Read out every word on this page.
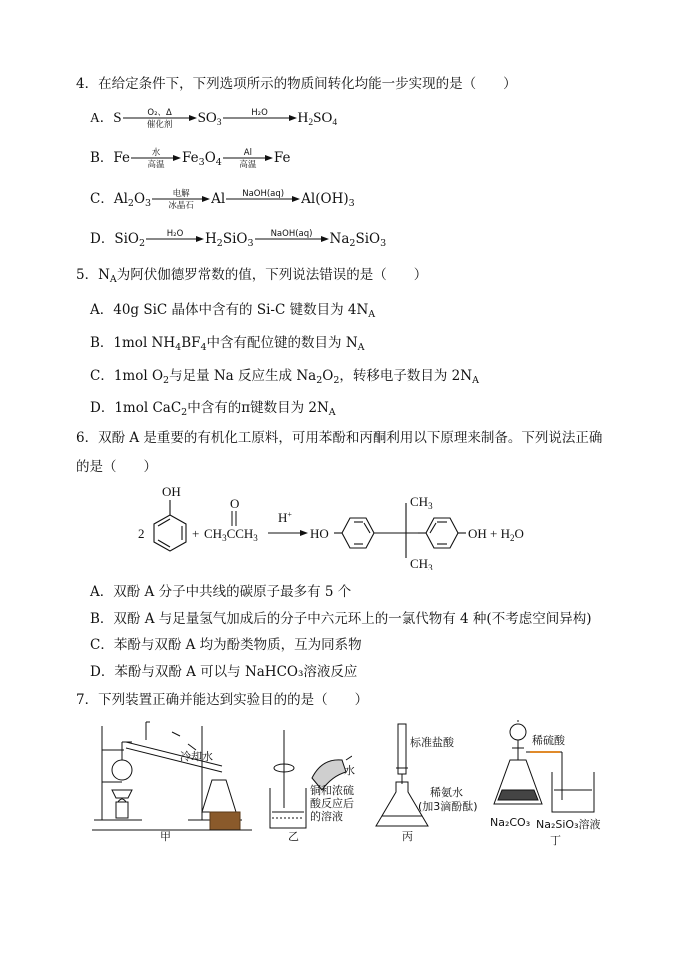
4．在给定条件下，下列选项所示的物质间转化均能一步实现的是（　　）
A．S	O₂、Δ
催化剂	$SO_3$
H₂O	$H_2SO_4$
B．Fe	水
高温	$Fe_3O_4$
Al
高温	Fe
C．$Al_2O_3$
电解
冰晶石	Al	NaOH(aq)	$Al(OH)_3$
D．SiO$_2$
H₂O	$H_2SiO_3$
NaOH(aq)	$Na_2SiO_3$
5．$N_A$为阿伏伽德罗常数的值，下列说法错误的是（　　）
A．40g SiC 晶体中含有的 Si-C 键数目为 $4N_A$
B．1mol $NH_4BF_4$中含有配位键的数目为 $N_A$
C．1mol $O_2$与足量 Na 反应生成 $Na_2O_2$，转移电子数目为 $2N_A$
D．1mol CaC$_2$中含有的π键数目为 $2N_A$
6．双酚 A 是重要的有机化工原料，可用苯酚和丙酮利用以下原理来制备。下列说法正确
的是（　　）
2
OH
+ $CH_3CCH_3$
O
H+
HO
$CH_3$
$CH_3$
OH + $H_2O$
A．双酚 A 分子中共线的碳原子最多有 5 个
B．双酚 A 与足量氢气加成后的分子中六元环上的一氯代物有 4 种(不考虑空间异构)
C．苯酚与双酚 A 均为酚类物质，互为同系物
D．苯酚与双酚 A 可以与 NaHCO₃溶液反应
7．下列装置正确并能达到实验目的的是（　　）
冷却水
甲
水
铜和浓硫
酸反应后
的溶液
乙
标准盐酸
稀氨水
(加3滴酚酞)
丙
稀硫酸
Na₂CO₃ Na₂SiO₃溶液
丁
